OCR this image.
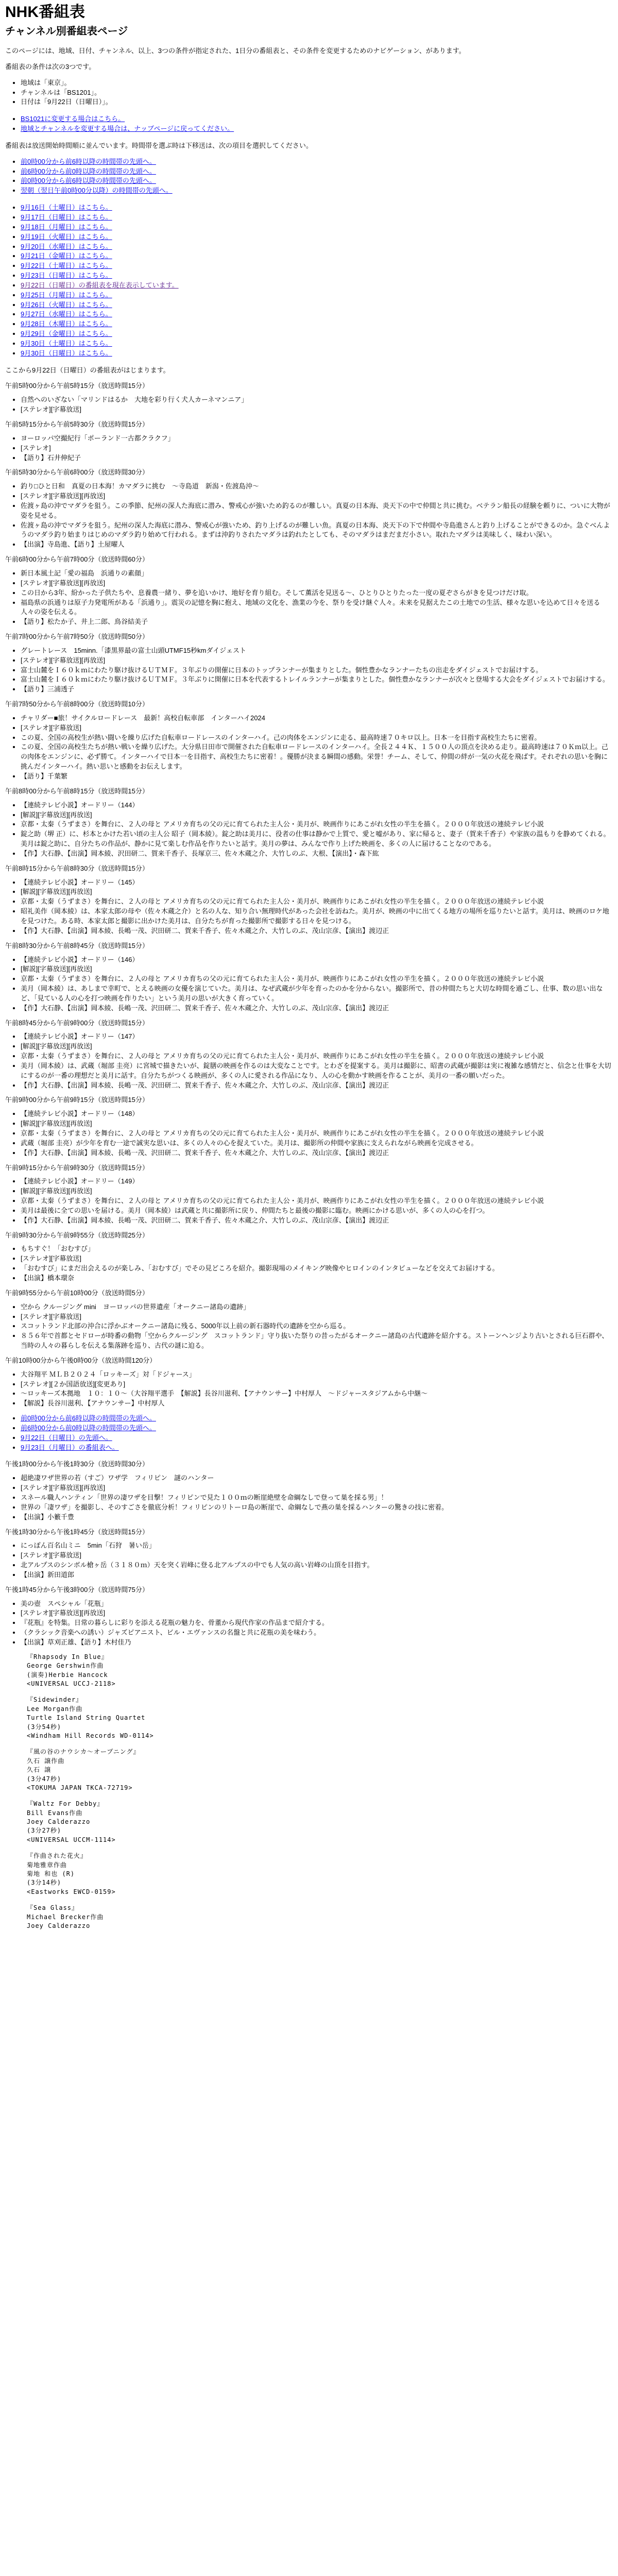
NHK番組表
チャンネル別番組表ページ

このページには、地域、日付、チャンネル、以上、3つの条件が指定された、1日分の番組表と、その条件を変更するためのナビゲーション、があります。

番組表の条件は次の3つです。

• 地域は「東京」。
• チャンネルは「BS1201」。
• 日付は「9月22日（日曜日）」。
• BS1021に変更する場合はこちら。
• 地域とチャンネルを変更する場合は、ナッブページに戻ってください。

番組表は放送開始時間順に並んでいます。時間帯を選ぶ時は下移送は、次の項目を選択してください。

• 前0時00分から前6時以降の時間帯の先頭へ。
• 前6時00分から前0時以降の時間帯の先頭へ。
• 前0時00分から前6時以降の時間帯の先頭へ。
• 翌朝（翌日午前0時00分以降）の時間帯の先頭へ。
• 9月16日（土曜日）はこちら。
• 9月17日（日曜日）はこちら。
• 9月18日（月曜日）はこちら。
• 9月19日（火曜日）はこちら。
• 9月20日（水曜日）はこちら。
• 9月21日（金曜日）はこちら。
• 9月22日（土曜日）はこちら。
• 9月23日（日曜日）はこちら。
• 9月22日（日曜日）の番組表を現在表示しています。
• 9月25日（月曜日）はこちら。
• 9月26日（火曜日）はこちら。
• 9月27日（水曜日）はこちら。
• 9月28日（木曜日）はこちら。
• 9月29日（金曜日）はこちら。
• 9月30日（土曜日）はこちら。
• 9月30日（日曜日）はこちら。

ここから9月22日（日曜日）の番組表がはじまります。

午前5時00分から午前5時15分（放送時間15分）

• 自然へのいざない「マリンドはるか　大地を彩り行く犬人カーネマンニア」
• [ステレオ][字幕放送]

午前5時15分から午前5時30分（放送時間15分）

• ヨーロッパ空撮紀行「ポーランド一古都クラクフ」
• [ステレオ]
• 【語り】石井伸紀子

午前5時30分から午前6時00分（放送時間30分）

• 釣り□ひと日和　真夏の日本海！カマダラに挑む　～寺島道　新潟・佐渡島沖～
• [ステレオ][字幕放送][再放送]
• 佐渡ヶ島の沖でマダラを狙う。この季節、紀州の深人た海底に潜み、警戒心が強いため釣るのが難しい。真夏の日本海、炎天下の中で仲間と共に挑む。ベテラン船長の経験を頼りに、ついに大物が姿を見せる。
• 佐渡ヶ島の沖でマダラを狙う。紀州の深人た海底に潜み、警戒心が強いため、釣り上げるのが難しい魚。真夏の日本海、炎天下の下で仲間や寺島進さんと釣り上げることができるのか。急ぐべんようのマダラ釣り始まりはじめのマダラ釣り始めて行われる。まずは沖釣りされたマダラは釣れたとしても、そのマダラはまだまだ小さい。取れたマダラは美味しく、味わい深い。
• 【出演】寺島進、【語り】土屋曜人

午前6時00分から午前7時00分（放送時間60分）

• 新日本風土記「愛の福島　浜通りの素顔」
• [ステレオ][字幕放送][再放送]
• この日から3年、紛かった子供たちや、息養農一緒り、夢を追いかけ、地好を育り組む。そして薫活を見送る～、ひとりひとりたった一度の夏ぞさらがきを見つけだけ取。
• 福島県の浜通りは原子力発電所がある「浜通り」。震災の記憶を胸に抱え、地域の文化を、漁業の今を、祭りを受け継ぐ人々。未来を見据えたこの土地での生活、様々な思いを込めて日々を送る人々の姿を伝える。
• 【語り】松たか子、井上二郎、鳥谷結美子

午前7時00分から午前7時50分（放送時間50分）

• グレートレース　15minn.「漆黒界最の富士山頭UTMF15秒kmダイジェスト
• [ステレオ][字幕放送][再放送]
• 富士山麓をＩ６０ｋｍにわたり駆け抜けるＵＴＭＦ。３年ぶりの開催に日本のトップランナーが集まりとした。個性豊かなランナーたちの出走をダイジェストでお届けする。
• 富士山麓をＩ６０ｋｍにわたり駆け抜けるＵＴＭＦ。３年ぶりに開催に日本を代表するトレイルランナーが集まりとした。個性豊かなランナーが次々と登場する大会をダイジェストでお届けする。
• 【語り】三浦透子

午前7時50分から午前8時00分（放送時間10分）

• チャリダー■旅！サイクルロードレース　最新！高校自転車部　インターハイ2024
• [ステレオ][字幕放送]
• この夏、全国の高校生が熱い闘いを繰り広げた自転車ロードレースのインターハイ。己の肉体をエンジンに走る、最高時速７０キロ以上。日本一を目指す高校生たちに密着。
• この夏、全国の高校生たちが熱い戦いを繰り広げた。大分県日田市で開催された自転車ロードレースのインターハイ。全長２４４Ｋ、１５００人の頂点を決める走り。最高時速は７０Ｋｍ以上。己の肉体をエンジンに、必ず勝て。インターハイで日本一を目指す、高校生たちに密着！。優勝が決まる瞬間の感動。栄誉！チーム、そして、仲間の絆が一気の火花を飛ばす。それぞれの思いを胸に挑んだインターハイ。熱い思いと感動をお伝えします。
• 【語り】千葉繁

午前8時00分から午前8時15分（放送時間15分）

• 【連続テレビ小説】オードリー（144）
• [解説][字幕放送][再放送]
• 京都・太秦（うずまさ）を舞台に、２人の母と アメリカ育ちの父の元に育てられた主人公・美月が、映画作りにあこがれ女性の半生を描く。２０００年放送の連続テレビ小説
• 錠之助（堺 正）に、杉本とかけた若い頃の主人公 昭子（岡本綾）。錠之助は美月に、役者の仕事は静かで上質で、愛と嘘があり、家に帰ると、妻子（賀来千香子）や家族の温もりを静めてくれる。美月は錠之助に、自分たちの作品が、静かに見て楽しむ作品を作りたいと話す。美月の夢は、みんなで作り上げた映画を、多くの人に届けることなのである。
• 【作】大石静、【出演】岡本綾、沢田研二、賀来千香子、長塚京三、佐々木蔵之介、大竹しのぶ、大根、【演出】・森下紘

午前8時15分から午前8時30分（放送時間15分）

• 【連続テレビ小説】オードリー（145）
• [解説][字幕放送][再放送]
• 京都・太秦（うずまさ）を舞台に、２人の母と アメリカ育ちの父の元に育てられた主人公・美月が、映画作りにあこがれ女性の半生を描く。２０００年放送の連続テレビ小説
• 昭礼美作（岡本綾）は、本家太郎の母や（佐々木蔵之介）と名の人な、知り合い無理時代があった会社を訪ねた。美月が、映画の中に出てくる地方の場所を巡りたいと話す。美月は、映画のロケ地を見つけた。ある時、本家太郎と撮影に出かけた美月は、自分たちが育った撮影所で撮影する日々を見つける。
• 【作】大石静、【出演】岡本綾、長嶋一茂、沢田研二、賀来千香子、佐々木蔵之介、大竹しのぶ、茂山宗彦、【演出】渡辺正

午前8時30分から午前8時45分（放送時間15分）

• 【連続テレビ小説】オードリー（146）
• [解説][字幕放送][再放送]
• 京都・太秦（うずまさ）を舞台に、２人の母と アメリカ育ちの父の元に育てられた主人公・美月が、映画作りにあこがれ女性の半生を描く。２０００年放送の連続テレビ小説
• 美月（岡本綾）は、あしまで幸町で、とえる映画の女優を演じていた。美月は、なぜ武蔵が少年を育ったのかを分からない。撮影所で、昔の仲間たちと大切な時間を過ごし、仕事、数の思い出など、「見ている人の心を打つ映画を作りたい」という美月の思いが大きく育っていく。
• 【作】大石静、【出演】岡本綾、長嶋一茂、沢田研二、賀来千香子、佐々木蔵之介、大竹しのぶ、茂山宗彦、【演出】渡辺正

午前8時45分から午前9時00分（放送時間15分）

• 【連続テレビ小説】オードリー（147）
• [解説][字幕放送][再放送]
• 京都・太秦（うずまさ）を舞台に、２人の母と アメリカ育ちの父の元に育てられた主人公・美月が、映画作りにあこがれ女性の半生を描く。２０００年放送の連続テレビ小説
• 美月（岡本綾）は、武蔵（堀部 圭亮）に宮城で描きたいが、錠膳の映画を作るのは大変なことです。とわざを提案する。美月は撮影に、昭書の武蔵が撮影は実に複雑な感情だと、信念と仕事を大切にするのが一番の理想だと美月に話す。自分たちがつくる映画が、多くの人に愛される作品になり、人の心を動かす映画を作ることが、美月の一番の願いだった。
• 【作】大石静、【出演】岡本綾、長嶋一茂、沢田研二、賀来千香子、佐々木蔵之介、大竹しのぶ、茂山宗彦、【演出】渡辺正

午前9時00分から午前9時15分（放送時間15分）

• 【連続テレビ小説】オードリー（148）
• [解説][字幕放送][再放送]
• 京都・太秦（うずまさ）を舞台に、２人の母と アメリカ育ちの父の元に育てられた主人公・美月が、映画作りにあこがれ女性の半生を描く。２０００年放送の連続テレビ小説
• 武蔵（堀部 圭亮）が少年を育む一途で誠実な思いは、多くの人々の心を捉えていた。美月は、撮影所の仲間や家族に支えられながら映画を完成させる。
• 【作】大石静、【出演】岡本綾、長嶋一茂、沢田研二、賀来千香子、佐々木蔵之介、大竹しのぶ、茂山宗彦、【演出】渡辺正

午前9時15分から午前9時30分（放送時間15分）

• 【連続テレビ小説】オードリー（149）
• [解説][字幕放送][再放送]
• 京都・太秦（うずまさ）を舞台に、２人の母と アメリカ育ちの父の元に育てられた主人公・美月が、映画作りにあこがれ女性の半生を描く。２０００年放送の連続テレビ小説
• 美月は最後に全ての思いを届ける。美月（岡本綾）は武蔵と共に撮影所に戻り、仲間たちと最後の撮影に臨む。映画にかける思いが、多くの人の心を打つ。
• 【作】大石静、【出演】岡本綾、長嶋一茂、沢田研二、賀来千香子、佐々木蔵之介、大竹しのぶ、茂山宗彦、【演出】渡辺正

午前9時30分から午前9時55分（放送時間25分）

• もちすぐ！「おむすび」
• [ステレオ][字幕放送]
• 「おむすび」にまだ出会えるのが楽しみ、「おむすび」でその見どころを紹介。撮影現場のメイキング映像やヒロインのインタビューなどを交えてお届けする。
• 【出演】橋本環奈

午前9時55分から午前10時00分（放送時間5分）

• 空から クルージング mini　ヨーロッパの世界遺産「オークニー諸島の遺跡」
• [ステレオ][字幕放送]
• スコットランド北部の沖合に浮かぶオークニー諸島に残る、5000年以上前の新石器時代の遺跡を空から巡る。
• ８５６年で首都とセドローが時番の動物「空からクルージング　スコットランド」守り抜いた祭りの昔ったがるオークニー諸島の古代遺跡を紹介する。ストーンヘンジより古いとされる巨石群や、当時の人々の暮らしを伝える集落跡を巡り、古代の謎に迫る。

午前10時00分から午後0時00分（放送時間120分）

• 大谷翔平 ＭＬＢ２０２４「ロッキーズ」対「ドジャース」
• [ステレオ][２か国語放送][変更あり]
• 〜ロッキーズ本拠地　１０：１０〜（大谷翔平選手　【解説】長谷川滋利、【アナウンサー】中村厚人　〜ドジャースタジアムから中継〜
• 【解説】長谷川滋利、【アナウンサー】中村厚人
• 前0時00分から前6時以降の時間帯の先頭へ。
• 前6時00分から前0時以降の時間帯の先頭へ。
• 9月22日（日曜日）の先頭へ。
• 9月23日（月曜日）の番組表へ。

午後1時00分から午後1時30分（放送時間30分）

• 超絶凄ワザ世界の若（すご）ワザ学　フィリピン　謎のハンター
• [ステレオ][字幕放送][再放送]
• スネール職人ハンティン「世界の凄ワザを目撃！フィリピンで見た１００ｍの断崖絶壁を命綱なしで登って巣を採る男」！
• 世界の「凄ワザ」を撮影し、そのすごさを徹底分析！フィリピンのリトーロ島の断崖で、命綱なしで燕の巣を採るハンターの驚きの技に密着。
• 【出演】小籔千豊

午後1時30分から午後1時45分（放送時間15分）

• にっぽん百名山ミニ　5min「石狩　暑い岳」
• [ステレオ][字幕放送]
• 北アルプスのシンボル槍ヶ岳（３１８０ｍ）天を突く岩峰に登る北アルプスの中でも人気の高い岩峰の山頂を目指す。
• 【出演】新田道郎

午後1時45分から午後3時00分（放送時間75分）

• 美の壺　スペシャル「花瓶」
• [ステレオ][字幕放送][再放送]
• 『花瓶』を特集。日常の暮らしに彩りを添える花瓶の魅力を、骨董から現代作家の作品まで紹介する。
• （クラシック音楽への誘い）ジャズピアニスト、ビル・エヴァンスの名盤と共に花瓶の美を味わう。
• 【出演】草刈正雄、【語り】木村佳乃
『Rhapsody In Blue』
George Gershwin作曲
(演奏)Herbie Hancock
<UNIVERSAL UCCJ-2118>
『Sidewinder』
Lee Morgan作曲
Turtle Island String Quartet
(3分54秒)
<Windham Hill Records WD-0114>
『風の谷のナウシカ～オープニング』
久石 譲作曲
久石 譲
(3分47秒)
<TOKUMA JAPAN TKCA-72719>
『Waltz For Debby』
Bill Evans作曲
Joey Calderazzo
(3分27秒)
<UNIVERSAL UCCM-1114>
『作曲された花火』
菊地雅章作曲
菊地 和也 (R)
(3分14秒)
<Eastworks EWCD-0159>
『Sea Glass』
Michael Brecker作曲
Joey Calderazzo
